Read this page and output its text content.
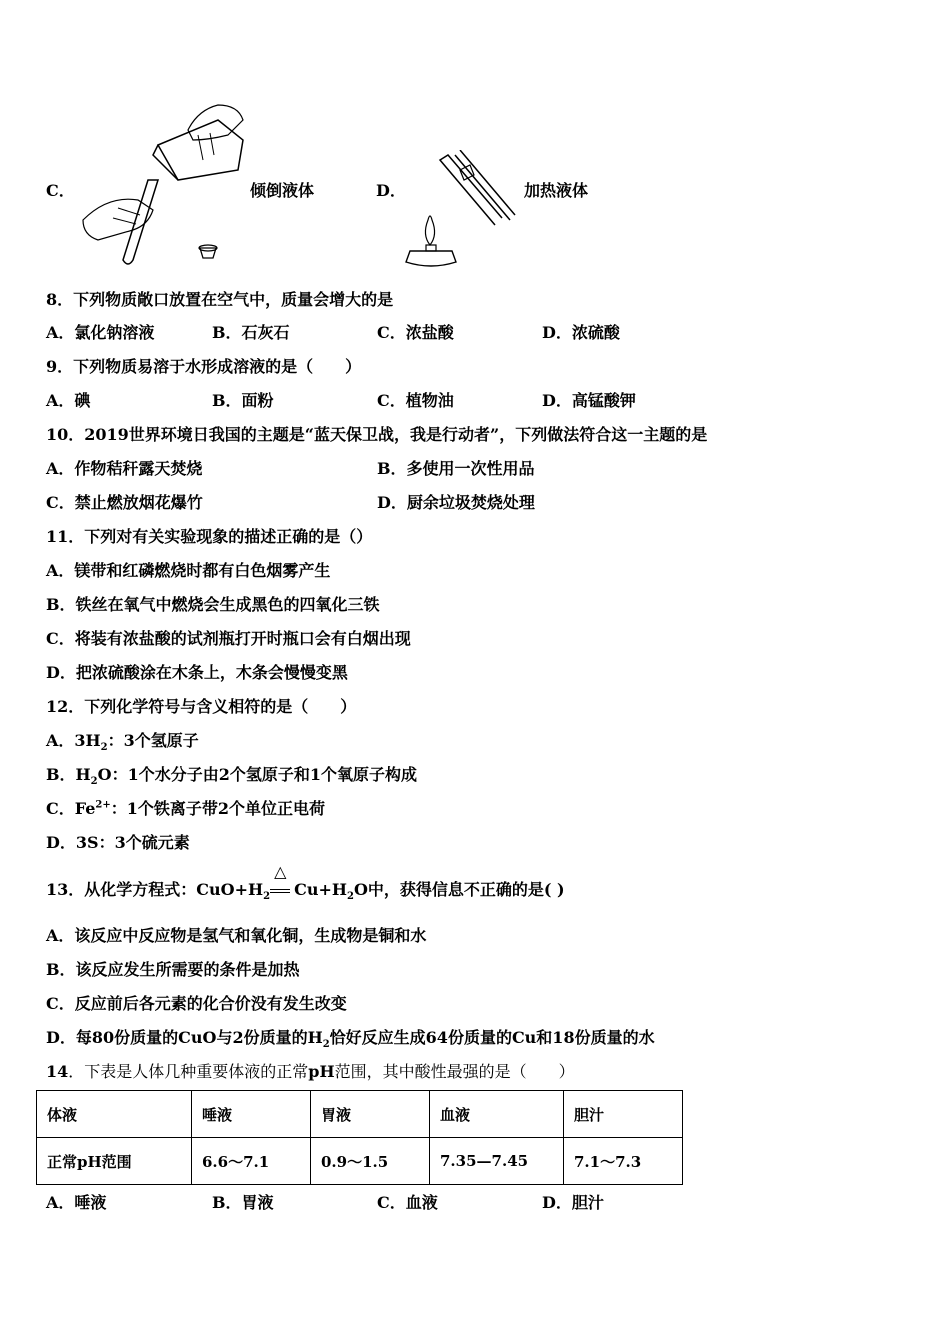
C．	倾倒液体	D．	加热液体
8．下列物质敞口放置在空气中，质量会增大的是
A．氯化钠溶液	B．石灰石	C．浓盐酸	D．浓硫酸
9．下列物质易溶于水形成溶液的是（　　）
A．碘	B．面粉	C．植物油	D．高锰酸钾
10．2019世界环境日我国的主题是“蓝天保卫战，我是行动者”，下列做法符合这一主题的是
A．作物秸秆露天焚烧	B．多使用一次性用品
C．禁止燃放烟花爆竹	D．厨余垃圾焚烧处理
11．下列对有关实验现象的描述正确的是（）
A．镁带和红磷燃烧时都有白色烟雾产生
B．铁丝在氧气中燃烧会生成黑色的四氧化三铁
C．将装有浓盐酸的试剂瓶打开时瓶口会有白烟出现
D．把浓硫酸涂在木条上，木条会慢慢变黑
12．下列化学符号与含义相符的是（　　）
A．$3H_2$：3个氢原子
B．$H_2O$：1个水分子由2个氢原子和1个氧原子构成
C．$Fe^{2+}$：1个铁离子带2个单位正电荷
D．3S：3个硫元素
13．从化学方程式：$CuO+H_2$
△
$Cu+H_2O$中，获得信息不正确的是( )
A．该反应中反应物是氢气和氧化铜，生成物是铜和水
B．该反应发生所需要的条件是加热
C．反应前后各元素的化合价没有发生改变
D．每80份质量的CuO与2份质量的$H_2$恰好反应生成64份质量的Cu和18份质量的水
14．下表是人体几种重要体液的正常pH范围，其中酸性最强的是（　　）
体液	唾液	胃液	血液	胆汁
正常pH范围	6.6～7.1	0.9～1.5	7.35—7.45	7.1～7.3
A．唾液	B．胃液	C．血液	D．胆汁
